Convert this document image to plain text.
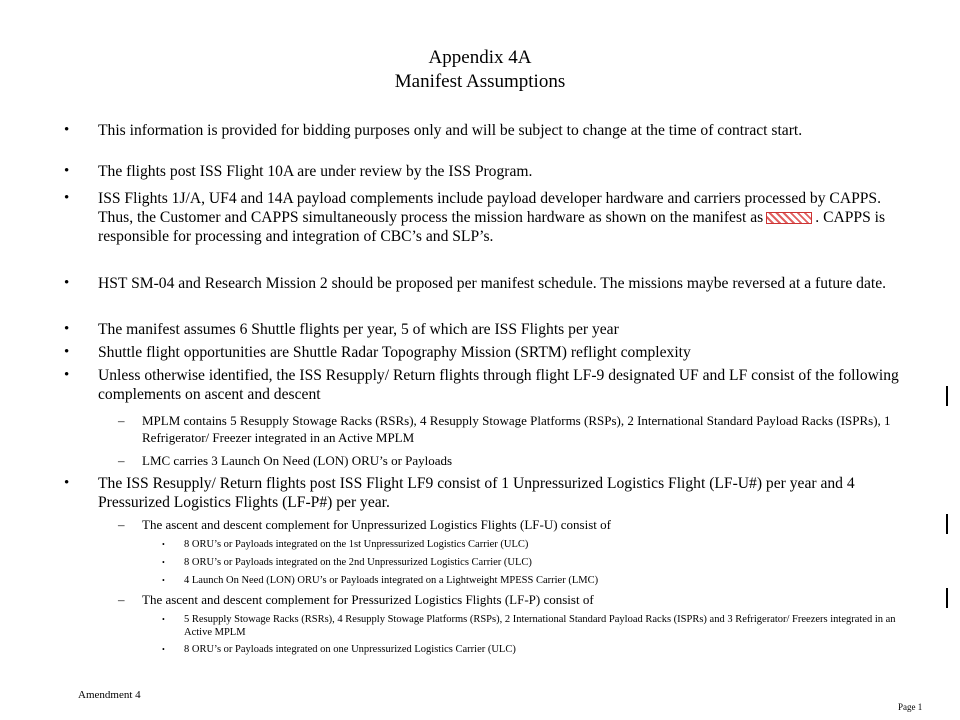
Appendix 4A
Manifest Assumptions
•	This information is provided for bidding purposes only and will be subject to change at the time of contract start.
•	The flights post ISS Flight 10A are under review by the ISS Program.
•	ISS Flights 1J/A, UF4 and 14A payload complements include payload developer hardware and carriers processed by CAPPS. Thus, the Customer and CAPPS simultaneously process the mission hardware as shown on the manifest as	. CAPPS is responsible for processing and integration of CBC’s and SLP’s.
•	HST SM-04 and Research Mission 2 should be proposed per manifest schedule. The missions maybe reversed at a future date.
•	The manifest assumes 6 Shuttle flights per year, 5 of which are ISS Flights per year
•	Shuttle flight opportunities are Shuttle Radar Topography Mission (SRTM) reflight complexity
•	Unless otherwise identified, the ISS Resupply/ Return flights through flight LF-9 designated UF and LF consist of the following complements on ascent and descent
– MPLM contains 5 Resupply Stowage Racks (RSRs), 4 Resupply Stowage Platforms (RSPs), 2 International Standard Payload Racks (ISPRs), 1 Refrigerator/ Freezer integrated in an Active MPLM
– LMC carries 3 Launch On Need (LON) ORU’s or Payloads
•	The ISS Resupply/ Return flights post ISS Flight LF9 consist of 1 Unpressurized Logistics Flight (LF-U#) per year and 4 Pressurized Logistics Flights (LF-P#) per year.
– The ascent and descent complement for Unpressurized Logistics Flights (LF-U) consist of
• 8 ORU’s or Payloads integrated on the 1st Unpressurized Logistics Carrier (ULC)
• 8 ORU’s or Payloads integrated on the 2nd Unpressurized Logistics Carrier (ULC)
• 4 Launch On Need (LON) ORU’s or Payloads integrated on a Lightweight MPESS Carrier (LMC)
– The ascent and descent complement for Pressurized Logistics Flights (LF-P) consist of
• 5 Resupply Stowage Racks (RSRs), 4 Resupply Stowage Platforms (RSPs), 2 International Standard Payload Racks (ISPRs) and 3 Refrigerator/ Freezers integrated in an Active MPLM
• 8 ORU’s or Payloads integrated on one Unpressurized Logistics Carrier (ULC)
Amendment 4
Page 1
